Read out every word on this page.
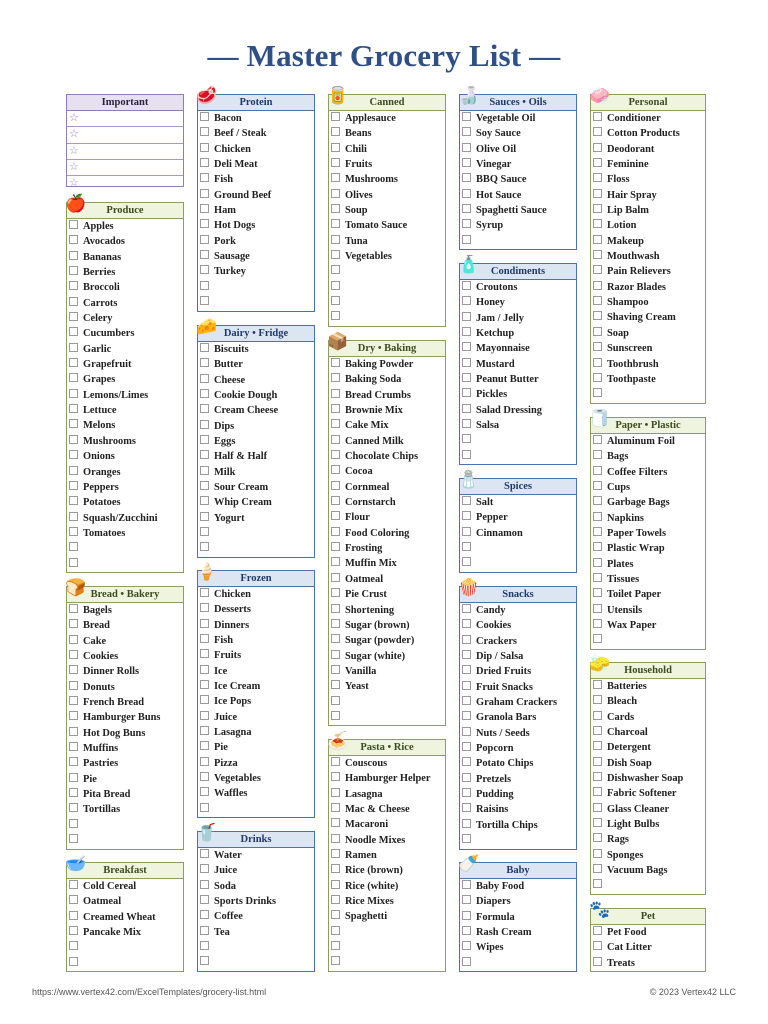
— Master Grocery List —
Important
☆
☆
☆
☆
☆
🍎 Produce
Apples
Avocados
Bananas
Berries
Broccoli
Carrots
Celery
Cucumbers
Garlic
Grapefruit
Grapes
Lemons/Limes
Lettuce
Melons
Mushrooms
Onions
Oranges
Peppers
Potatoes
Squash/Zucchini
Tomatoes
🍞 Bread • Bakery
Bagels
Bread
Cake
Cookies
Dinner Rolls
Donuts
French Bread
Hamburger Buns
Hot Dog Buns
Muffins
Pastries
Pie
Pita Bread
Tortillas
🥣 Breakfast
Cold Cereal
Oatmeal
Creamed Wheat
Pancake Mix
🥩 Protein
Bacon
Beef / Steak
Chicken
Deli Meat
Fish
Ground Beef
Ham
Hot Dogs
Pork
Sausage
Turkey
🧀 Dairy • Fridge
Biscuits
Butter
Cheese
Cookie Dough
Cream Cheese
Dips
Eggs
Half & Half
Milk
Sour Cream
Whip Cream
Yogurt
🍦 Frozen
Chicken
Desserts
Dinners
Fish
Fruits
Ice
Ice Cream
Ice Pops
Juice
Lasagna
Pie
Pizza
Vegetables
Waffles
🥤 Drinks
Water
Juice
Soda
Sports Drinks
Coffee
Tea
🥫 Canned
Applesauce
Beans
Chili
Fruits
Mushrooms
Olives
Soup
Tomato Sauce
Tuna
Vegetables
📦 Dry • Baking
Baking Powder
Baking Soda
Bread Crumbs
Brownie Mix
Cake Mix
Canned Milk
Chocolate Chips
Cocoa
Cornmeal
Cornstarch
Flour
Food Coloring
Frosting
Muffin Mix
Oatmeal
Pie Crust
Shortening
Sugar (brown)
Sugar (powder)
Sugar (white)
Vanilla
Yeast
🍝 Pasta • Rice
Couscous
Hamburger Helper
Lasagna
Mac & Cheese
Macaroni
Noodle Mixes
Ramen
Rice (brown)
Rice (white)
Rice Mixes
Spaghetti
🍶 Sauces • Oils
Vegetable Oil
Soy Sauce
Olive Oil
Vinegar
BBQ Sauce
Hot Sauce
Spaghetti Sauce
Syrup
🧴 Condiments
Croutons
Honey
Jam / Jelly
Ketchup
Mayonnaise
Mustard
Peanut Butter
Pickles
Salad Dressing
Salsa
🧂 Spices
Salt
Pepper
Cinnamon
🍿 Snacks
Candy
Cookies
Crackers
Dip / Salsa
Dried Fruits
Fruit Snacks
Graham Crackers
Granola Bars
Nuts / Seeds
Popcorn
Potato Chips
Pretzels
Pudding
Raisins
Tortilla Chips
🍼	Baby
Baby Food
Diapers
Formula
Rash Cream
Wipes
🧼 Personal
Conditioner
Cotton Products
Deodorant
Feminine
Floss
Hair Spray
Lip Balm
Lotion
Makeup
Mouthwash
Pain Relievers
Razor Blades
Shampoo
Shaving Cream
Soap
Sunscreen
Toothbrush
Toothpaste
🧻 Paper • Plastic
Aluminum Foil
Bags
Coffee Filters
Cups
Garbage Bags
Napkins
Paper Towels
Plastic Wrap
Plates
Tissues
Toilet Paper
Utensils
Wax Paper
🧽 Household
Batteries
Bleach
Cards
Charcoal
Detergent
Dish Soap
Dishwasher Soap
Fabric Softener
Glass Cleaner
Light Bulbs
Rags
Sponges
Vacuum Bags
🐾	Pet
Pet Food
Cat Litter
Treats
https://www.vertex42.com/ExcelTemplates/grocery-list.html	© 2023 Vertex42 LLC
